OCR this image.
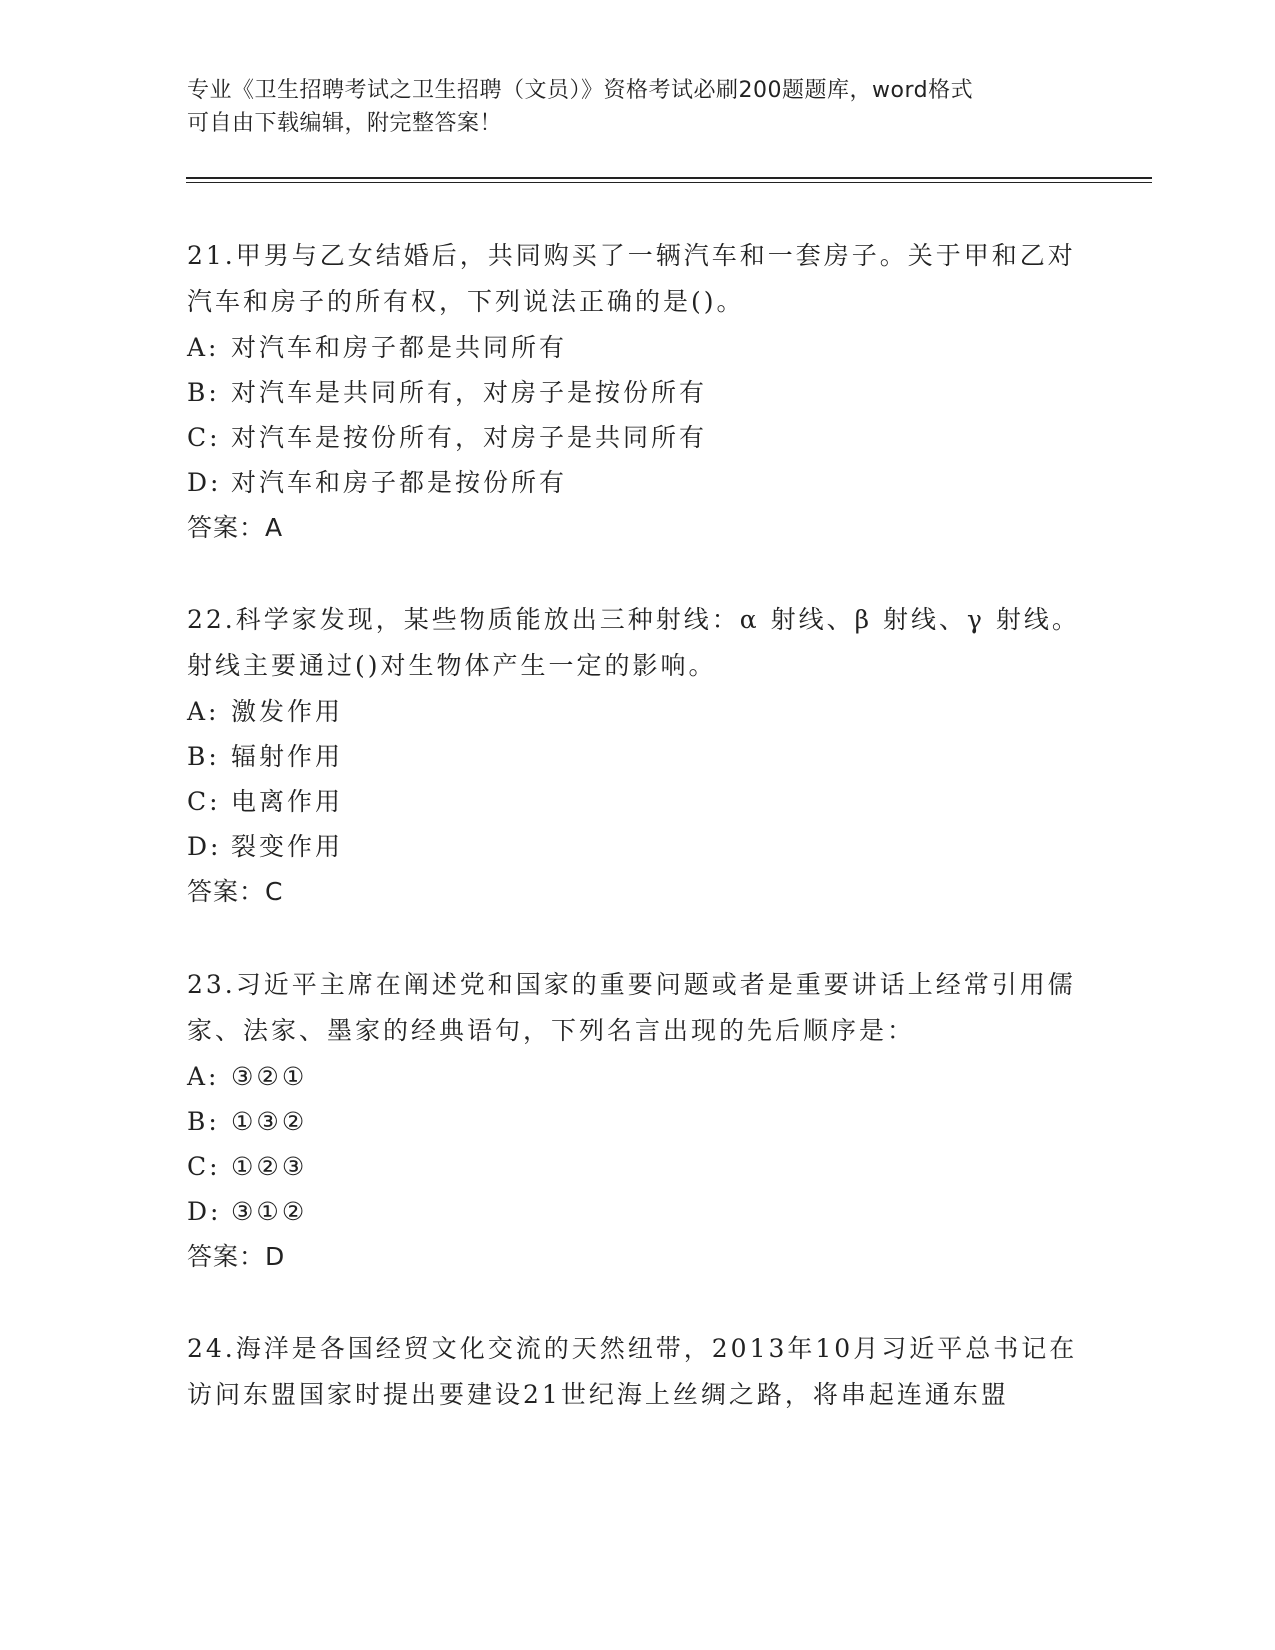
专业《卫生招聘考试之卫生招聘（文员）》资格考试必刷200题题库，word格式
可自由下载编辑，附完整答案！

21.甲男与乙女结婚后，共同购买了一辆汽车和一套房子。关于甲和乙对汽车和房子的所有权，下列说法正确的是()。

A: 对汽车和房子都是共同所有
B: 对汽车是共同所有，对房子是按份所有
C: 对汽车是按份所有，对房子是共同所有
D: 对汽车和房子都是按份所有

答案：A

22.科学家发现，某些物质能放出三种射线：α 射线、β 射线、γ 射线。射线主要通过()对生物体产生一定的影响。

A: 激发作用
B: 辐射作用
C: 电离作用
D: 裂变作用

答案：C

23.习近平主席在阐述党和国家的重要问题或者是重要讲话上经常引用儒家、法家、墨家的经典语句，下列名言出现的先后顺序是：

A: ③②①
B: ①③②
C: ①②③
D: ③①②

答案：D

24.海洋是各国经贸文化交流的天然纽带，2013年10月习近平总书记在访问东盟国家时提出要建设21世纪海上丝绸之路，将串起连通东盟
